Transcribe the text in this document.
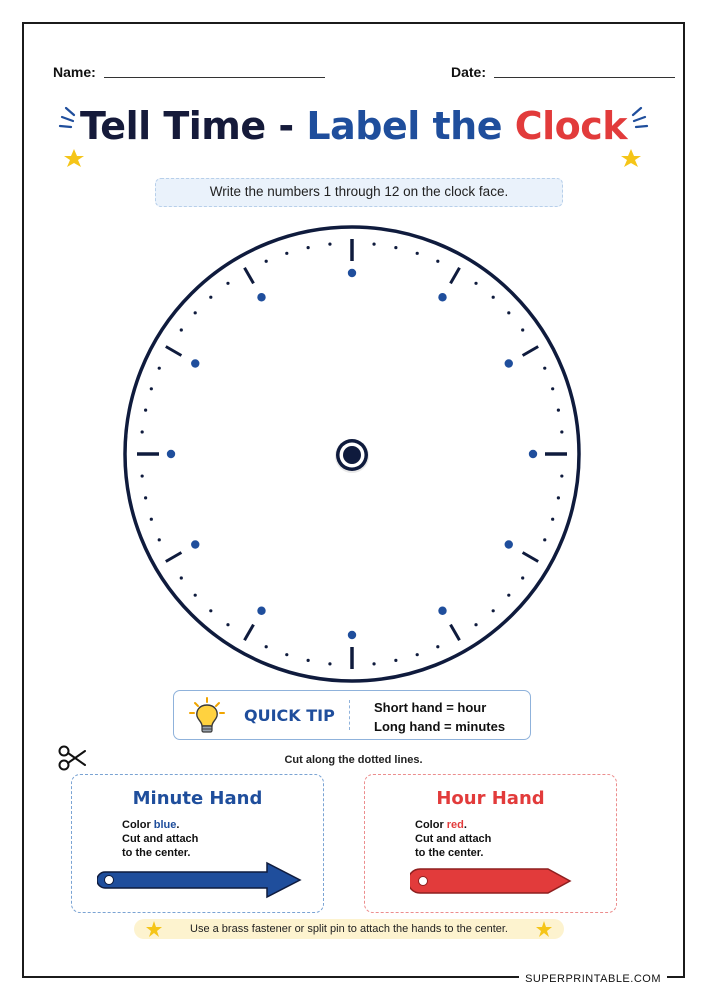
Name:	Date:
Tell Time - Label the Clock
Write the numbers 1 through 12 on the clock face.
QUICK TIP	Short hand = hour
Long hand = minutes
Cut along the dotted lines.
Minute Hand
Color blue.
Cut and attach
to the center.
Hour Hand
Color red.
Cut and attach
to the center.
Use a brass fastener or split pin to attach the hands to the center.
SUPERPRINTABLE.COM
